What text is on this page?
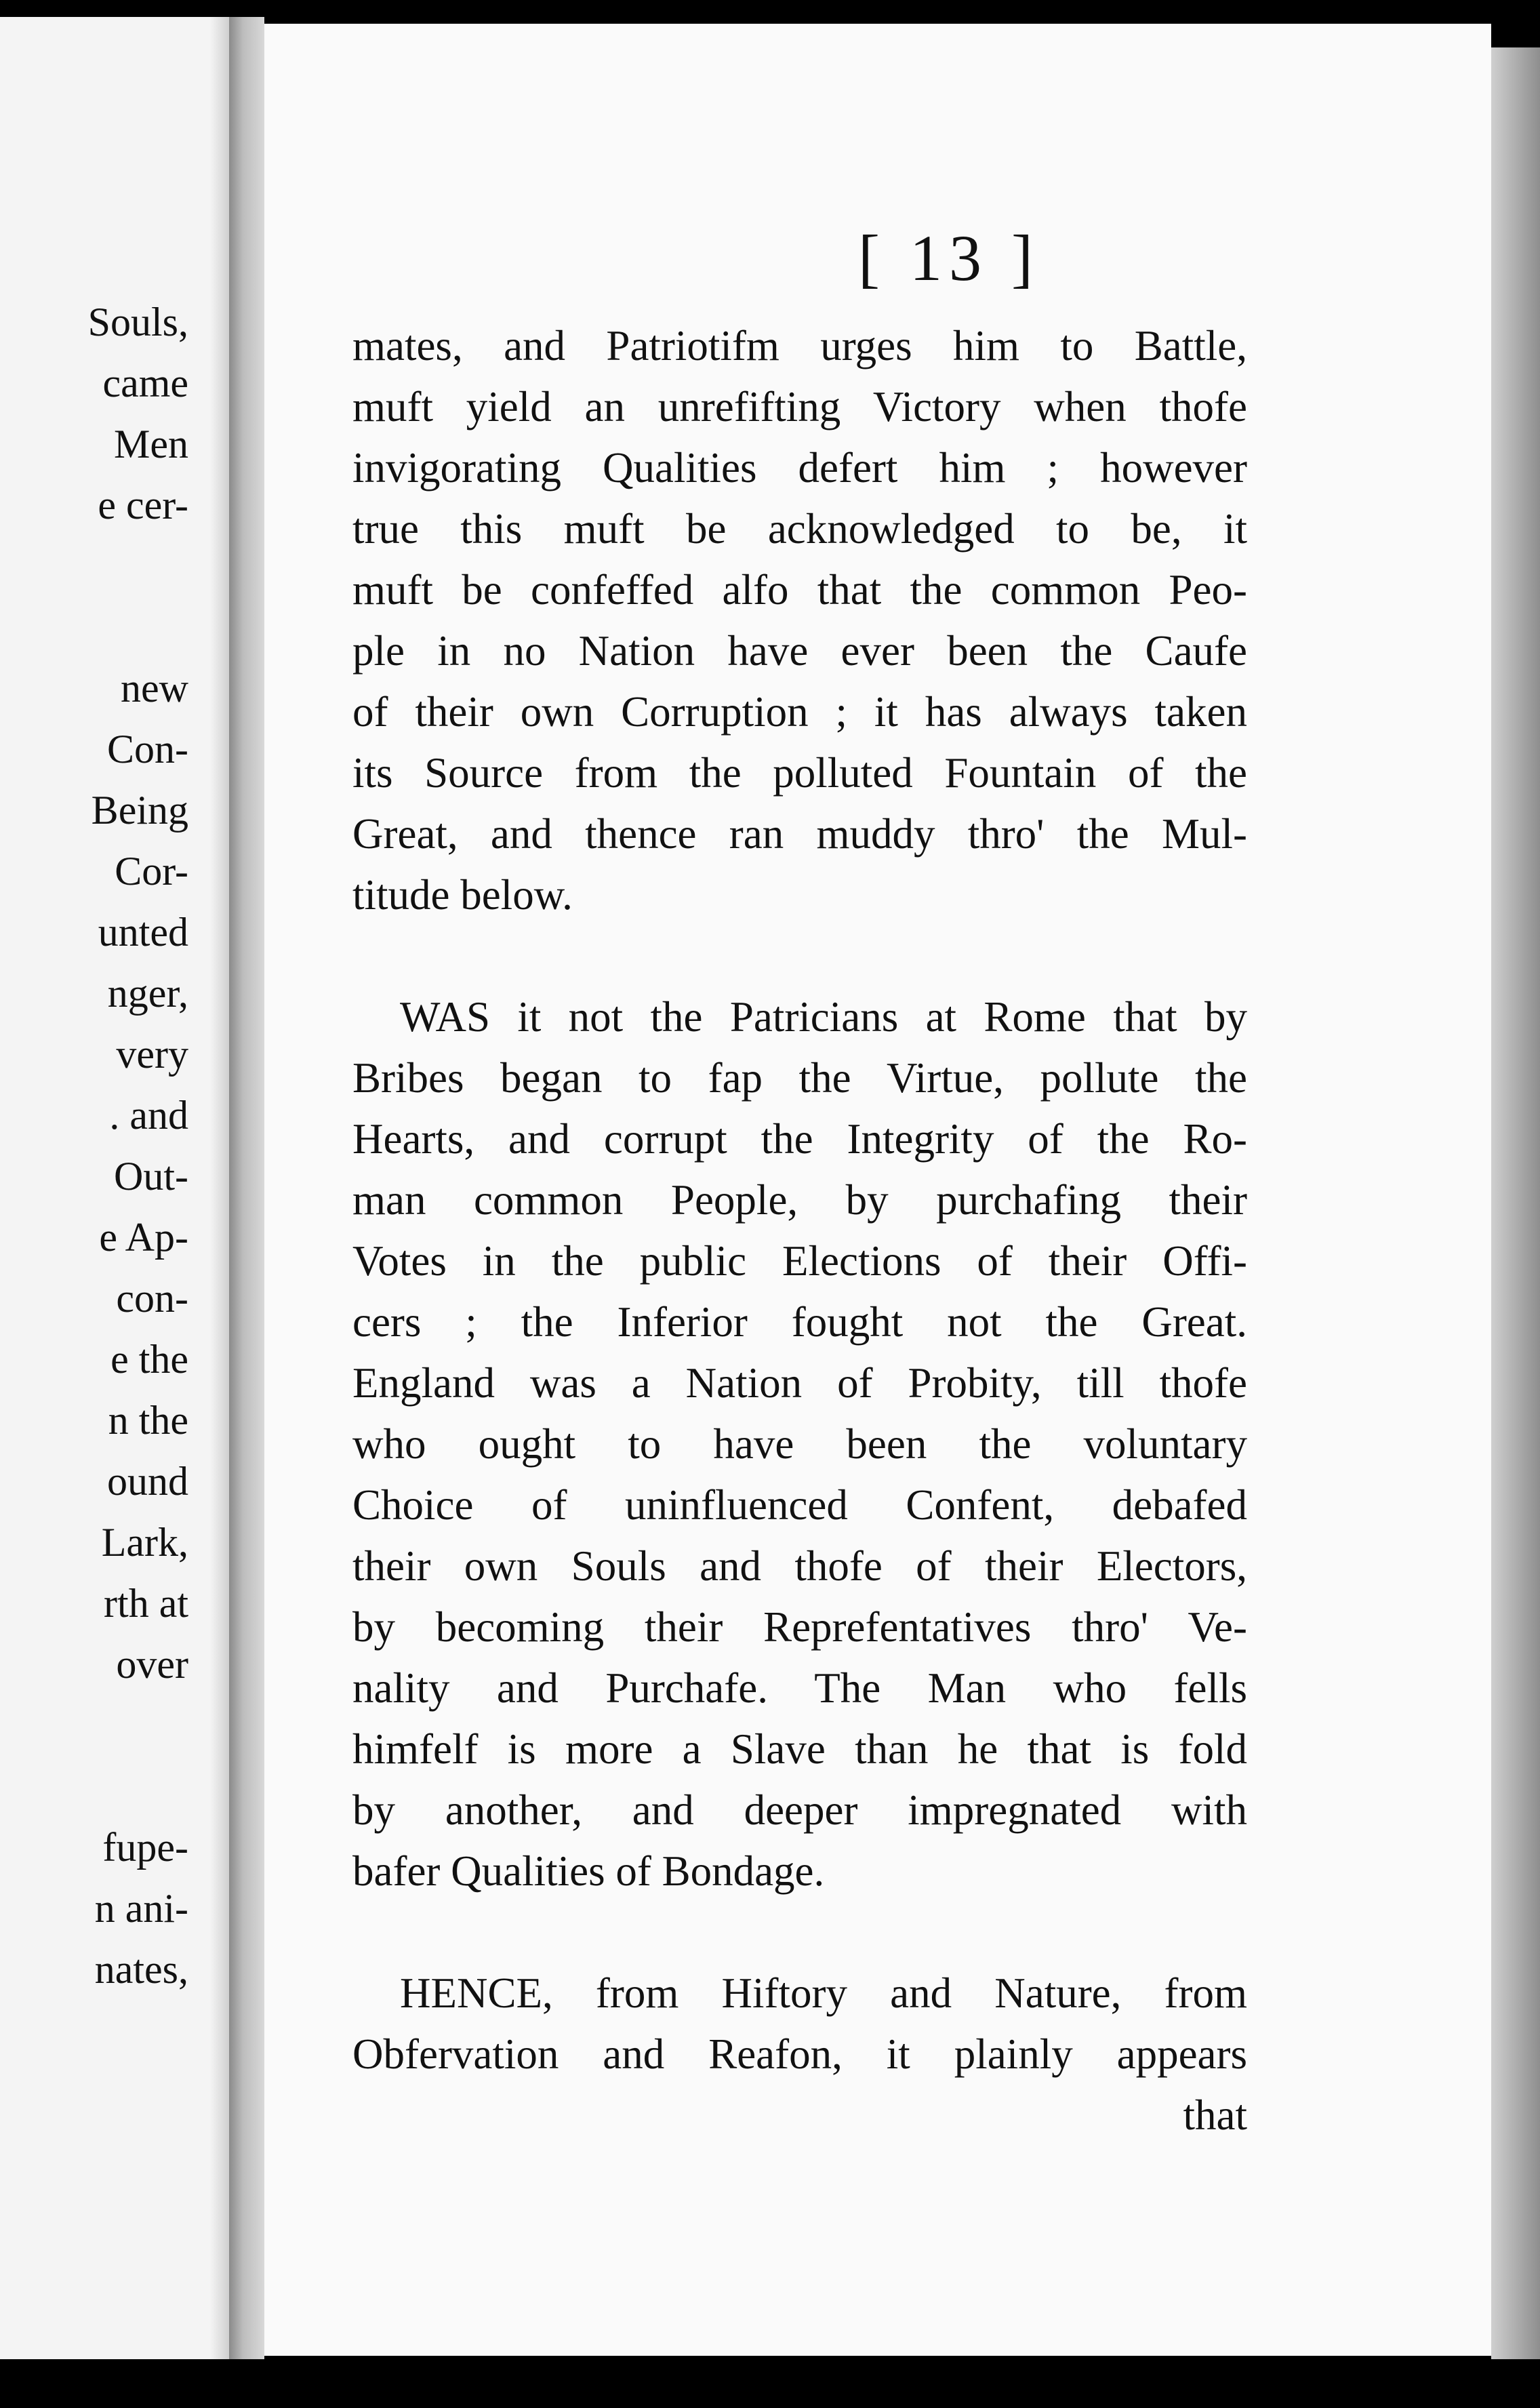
Souls,
came
Men
e cer-
new
Con-
Being
Cor-
unted
nger,
very
. and
Out-
e Ap-
con-
e the
n the
ound
Lark,
rth at
over
fupe-
n ani-
nates,
[ 13 ]
mates, and Patriotifm urges him to Battle,
muft yield an unrefifting Victory when thofe
invigorating Qualities defert him ; however
true this muft be acknowledged to be, it
muft be confeffed alfo that the common Peo-
ple in no Nation have ever been the Caufe
of their own Corruption ; it has always taken
its Source from the polluted Fountain of the
Great, and thence ran muddy thro' the Mul-
titude below.
WAS it not the Patricians at Rome that by
Bribes began to fap the Virtue, pollute the
Hearts, and corrupt the Integrity of the Ro-
man common People, by purchafing their
Votes in the public Elections of their Offi-
cers ; the Inferior fought not the Great.
England was a Nation of Probity, till thofe
who ought to have been the voluntary
Choice of uninfluenced Confent, debafed
their own Souls and thofe of their Electors,
by becoming their Reprefentatives thro' Ve-
nality and Purchafe. The Man who fells
himfelf is more a Slave than he that is fold
by another, and deeper impregnated with
bafer Qualities of Bondage.
HENCE, from Hiftory and Nature, from
Obfervation and Reafon, it plainly appears
that
